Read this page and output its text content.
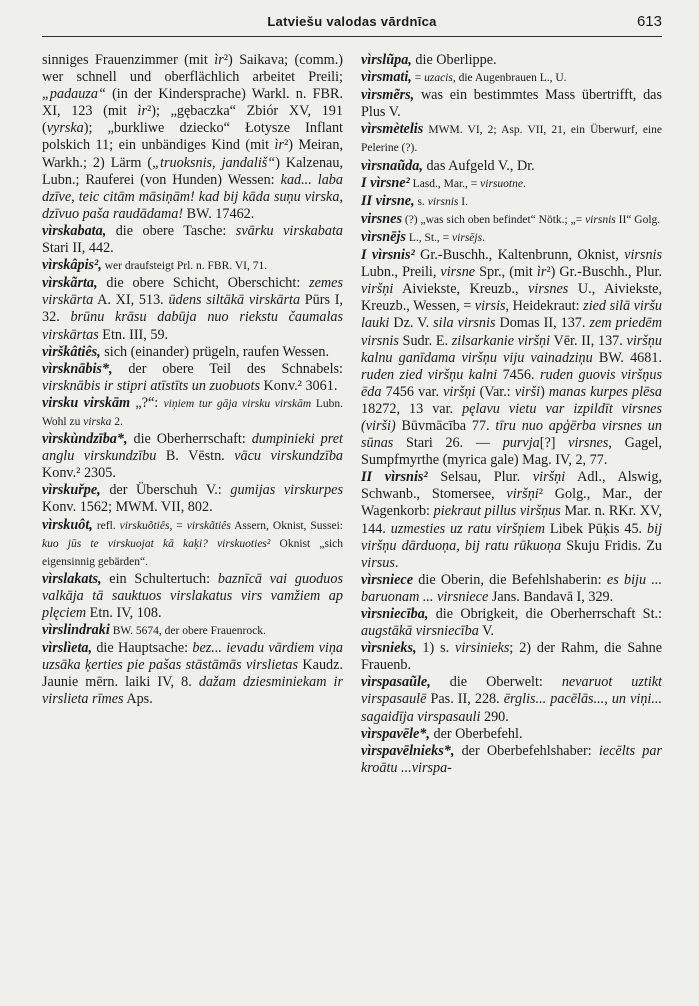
Latviešu valodas vārdnīca	613

sinniges Frauenzimmer (mit ìr²) Saikava; (comm.) wer schnell und oberflächlich arbeitet Preili; „padauza“ (in der Kindersprache) Warkl. n. FBR. XI, 123 (mit ìr²); „gębaczka“ Zbiór XV, 191 (vyrska); „burkliwe dziecko“ Łotysze Inflant polskich 11; ein unbändiges Kind (mit ìr²) Meiran, Warkh.; 2) Lärm („truoksnis, jandališ“) Kalzenau, Lubn.; Rauferei (von Hunden) Wessen: kad... laba dzīve, teic citām māsiņām! kad bij kāda suņu virska, dzīvuo paša raudādama! BW. 17462.

vìrskabata, die obere Tasche: svārku virskabata Stari II, 442.

vìrskâpis², wer draufsteigt Prl. n. FBR. VI, 71.

vìrskãrta, die obere Schicht, Oberschicht: zemes virskārta A. XI, 513. ūdens siltākā virskārta Pūrs I, 32. brūnu krāsu dabūja nuo riekstu čaumalas virskārtas Etn. III, 59.

vìrškâtiês, sich (einander) prügeln, raufen Wessen.

vìrsknābis*, der obere Teil des Schnabels: virsknābis ir stipri atīstīts un zuobuots Konv.² 3061.

virsku virskām „?“: viņiem tur gāja virsku virskām Lubn. Wohl zu virska 2.

vìrskùndzība*, die Oberherrschaft: dumpinieki pret anglu virskundzību B. Vēstn. vācu virskundzība Konv.² 2305.

vìrskuřpe, der Überschuh V.: gumijas virskurpes Konv. 1562; MWM. VII, 802.

vìrskuôt, refl. virskuõtiês, = virskãtiês Assern, Oknist, Sussei: kuo jūs te virskuojat kā kaķi? virskuoties² Oknist „sich eigensinnig gebärden“.

vìrslakats, ein Schultertuch: baznīcā vai guoduos valkāja tā sauktuos virslakatus virs vamžiem ap plęciem Etn. IV, 108.

vìrslindraki BW. 5674, der obere Frauenrock.

vìrslìeta, die Hauptsache: bez... ievadu vārdiem viņa uzsāka ķerties pie pašas stāstāmās virslietas Kaudz. Jaunie mērn. laiki IV, 8. dažam dziesminiekam ir virslieta rīmes Aps.

vìrslũpa, die Oberlippe.

vìrsmati, = uzacis, die Augenbrauen L., U.

vìrsmẽrs, was ein bestimmtes Mass übertrifft, das Plus V.

vìrsmètelis MWM. VI, 2; Asp. VII, 21, ein Überwurf, eine Pelerine (?).

vìrsnaũda, das Aufgeld V., Dr.

I vìrsne² Lasd., Mar., = virsuotne.

II virsne, s. virsnis I.

virsnes (?) „was sich oben befindet“ Nötk.; „= virsnis II“ Golg.

vìrsnējs L., St., = virsējs.

I vìrsnis² Gr.-Buschh., Kaltenbrunn, Oknist, virsnis Lubn., Preili, virsne Spr., (mit ìr²) Gr.-Buschh., Plur. viršņi Aiviekste, Kreuzb., virsnes U., Aiviekste, Kreuzb., Wessen, = virsis, Heidekraut: zied silā viršu lauki Dz. V. sila virsnis Domas II, 137. zem priedēm virsnis Sudr. E. zilsarkanie viršņi Vēr. II, 137. viršņu kalnu ganīdama viršņu viju vainadziņu BW. 4681. ruden zied viršņu kalni 7456. ruden guovis viršņus ēda 7456 var. viršņi (Var.: virši) manas kurpes plēsa 18272, 13 var. pęlavu vietu var izpildīt virsnes (virši) Būvmācība 77. tīru nuo apģērba virsnes un sūnas Stari 26. — purvja[?] virsnes, Gagel, Sumpfmyrthe (myrica gale) Mag. IV, 2, 77.

II vìrsnis² Selsau, Plur. viršņi Adl., Alswig, Schwanb., Stomersee, viršņi² Golg., Mar., der Wagenkorb: piekraut pillus viršņus Mar. n. RKr. XV, 144. uzmesties uz ratu viršņiem Libek Pūķis 45. bij viršņu dārduoņa, bij ratu rūkuoņa Skuju Fridis. Zu virsus.

vìrsniece die Oberin, die Befehlshaberin: es biju ... baruonam ... virsniece Jans. Bandavā I, 329.

vìrsniecība, die Obrigkeit, die Oberherrschaft St.: augstākā virsniecība V.

vìrsnieks, 1) s. virsinieks; 2) der Rahm, die Sahne Frauenb.

vìrspasaũle, die Oberwelt: nevaruot uztikt virspasaulē Pas. II, 228. ērglis... pacēlās..., un viņi... sagaidīja virspasauli 290.

vìrspavēle*, der Oberbefehl.

vìrspavēlnieks*, der Oberbefehlshaber: iecēlts par kroātu ...virspa-
